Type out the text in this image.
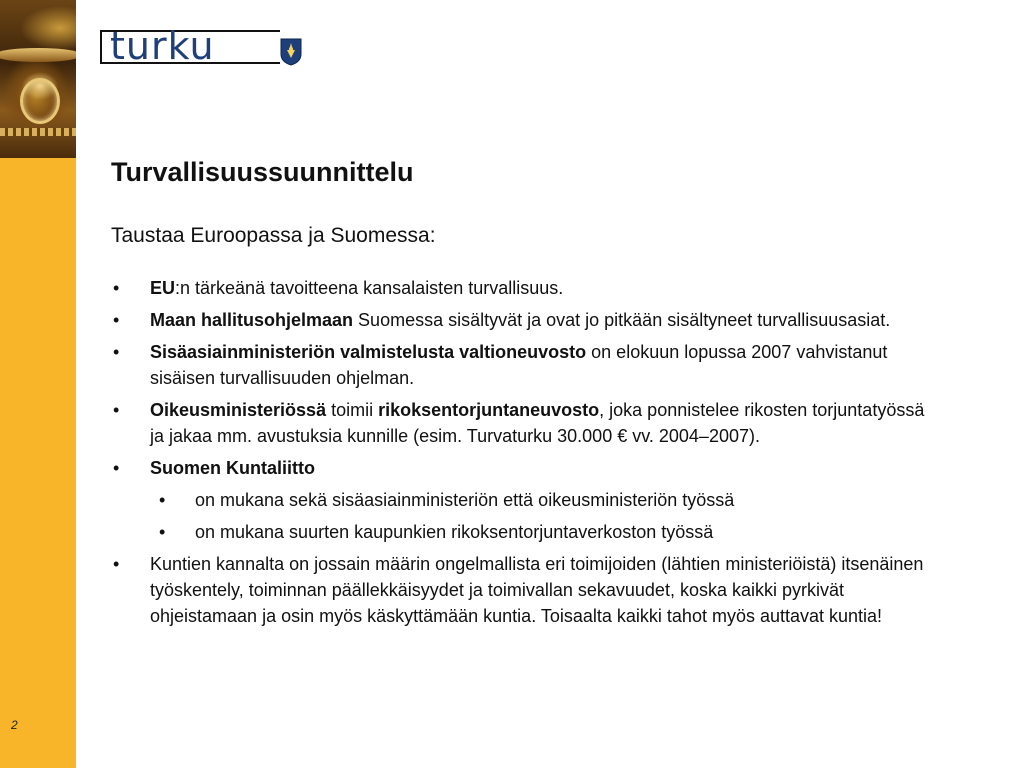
turku
Turvallisuussuunnittelu

Taustaa Euroopassa ja Suomessa:

• EU:n tärkeänä tavoitteena kansalaisten turvallisuus.
• Maan hallitusohjelmaan Suomessa sisältyvät ja ovat jo pitkään sisältyneet turvallisuusasiat.
• Sisäasiainministeriön valmistelusta valtioneuvosto on elokuun lopussa 2007 vahvistanut sisäisen turvallisuuden ohjelman.
• Oikeusministeriössä toimii rikoksentorjuntaneuvosto, joka ponnistelee rikosten torjuntatyössä ja jakaa mm. avustuksia kunnille (esim. Turvaturku 30.000 € vv. 2004–2007).
• Suomen Kuntaliitto
• on mukana sekä sisäasiainministeriön että oikeusministeriön työssä
• on mukana suurten kaupunkien rikoksentorjuntaverkoston työssä
• Kuntien kannalta on jossain määrin ongelmallista eri toimijoiden (lähtien ministeriöistä) itsenäinen työskentely, toiminnan päällekkäisyydet ja toimivallan sekavuudet, koska kaikki pyrkivät ohjeistamaan ja osin myös käskyttämään kuntia. Toisaalta kaikki tahot myös auttavat kuntia!
2
